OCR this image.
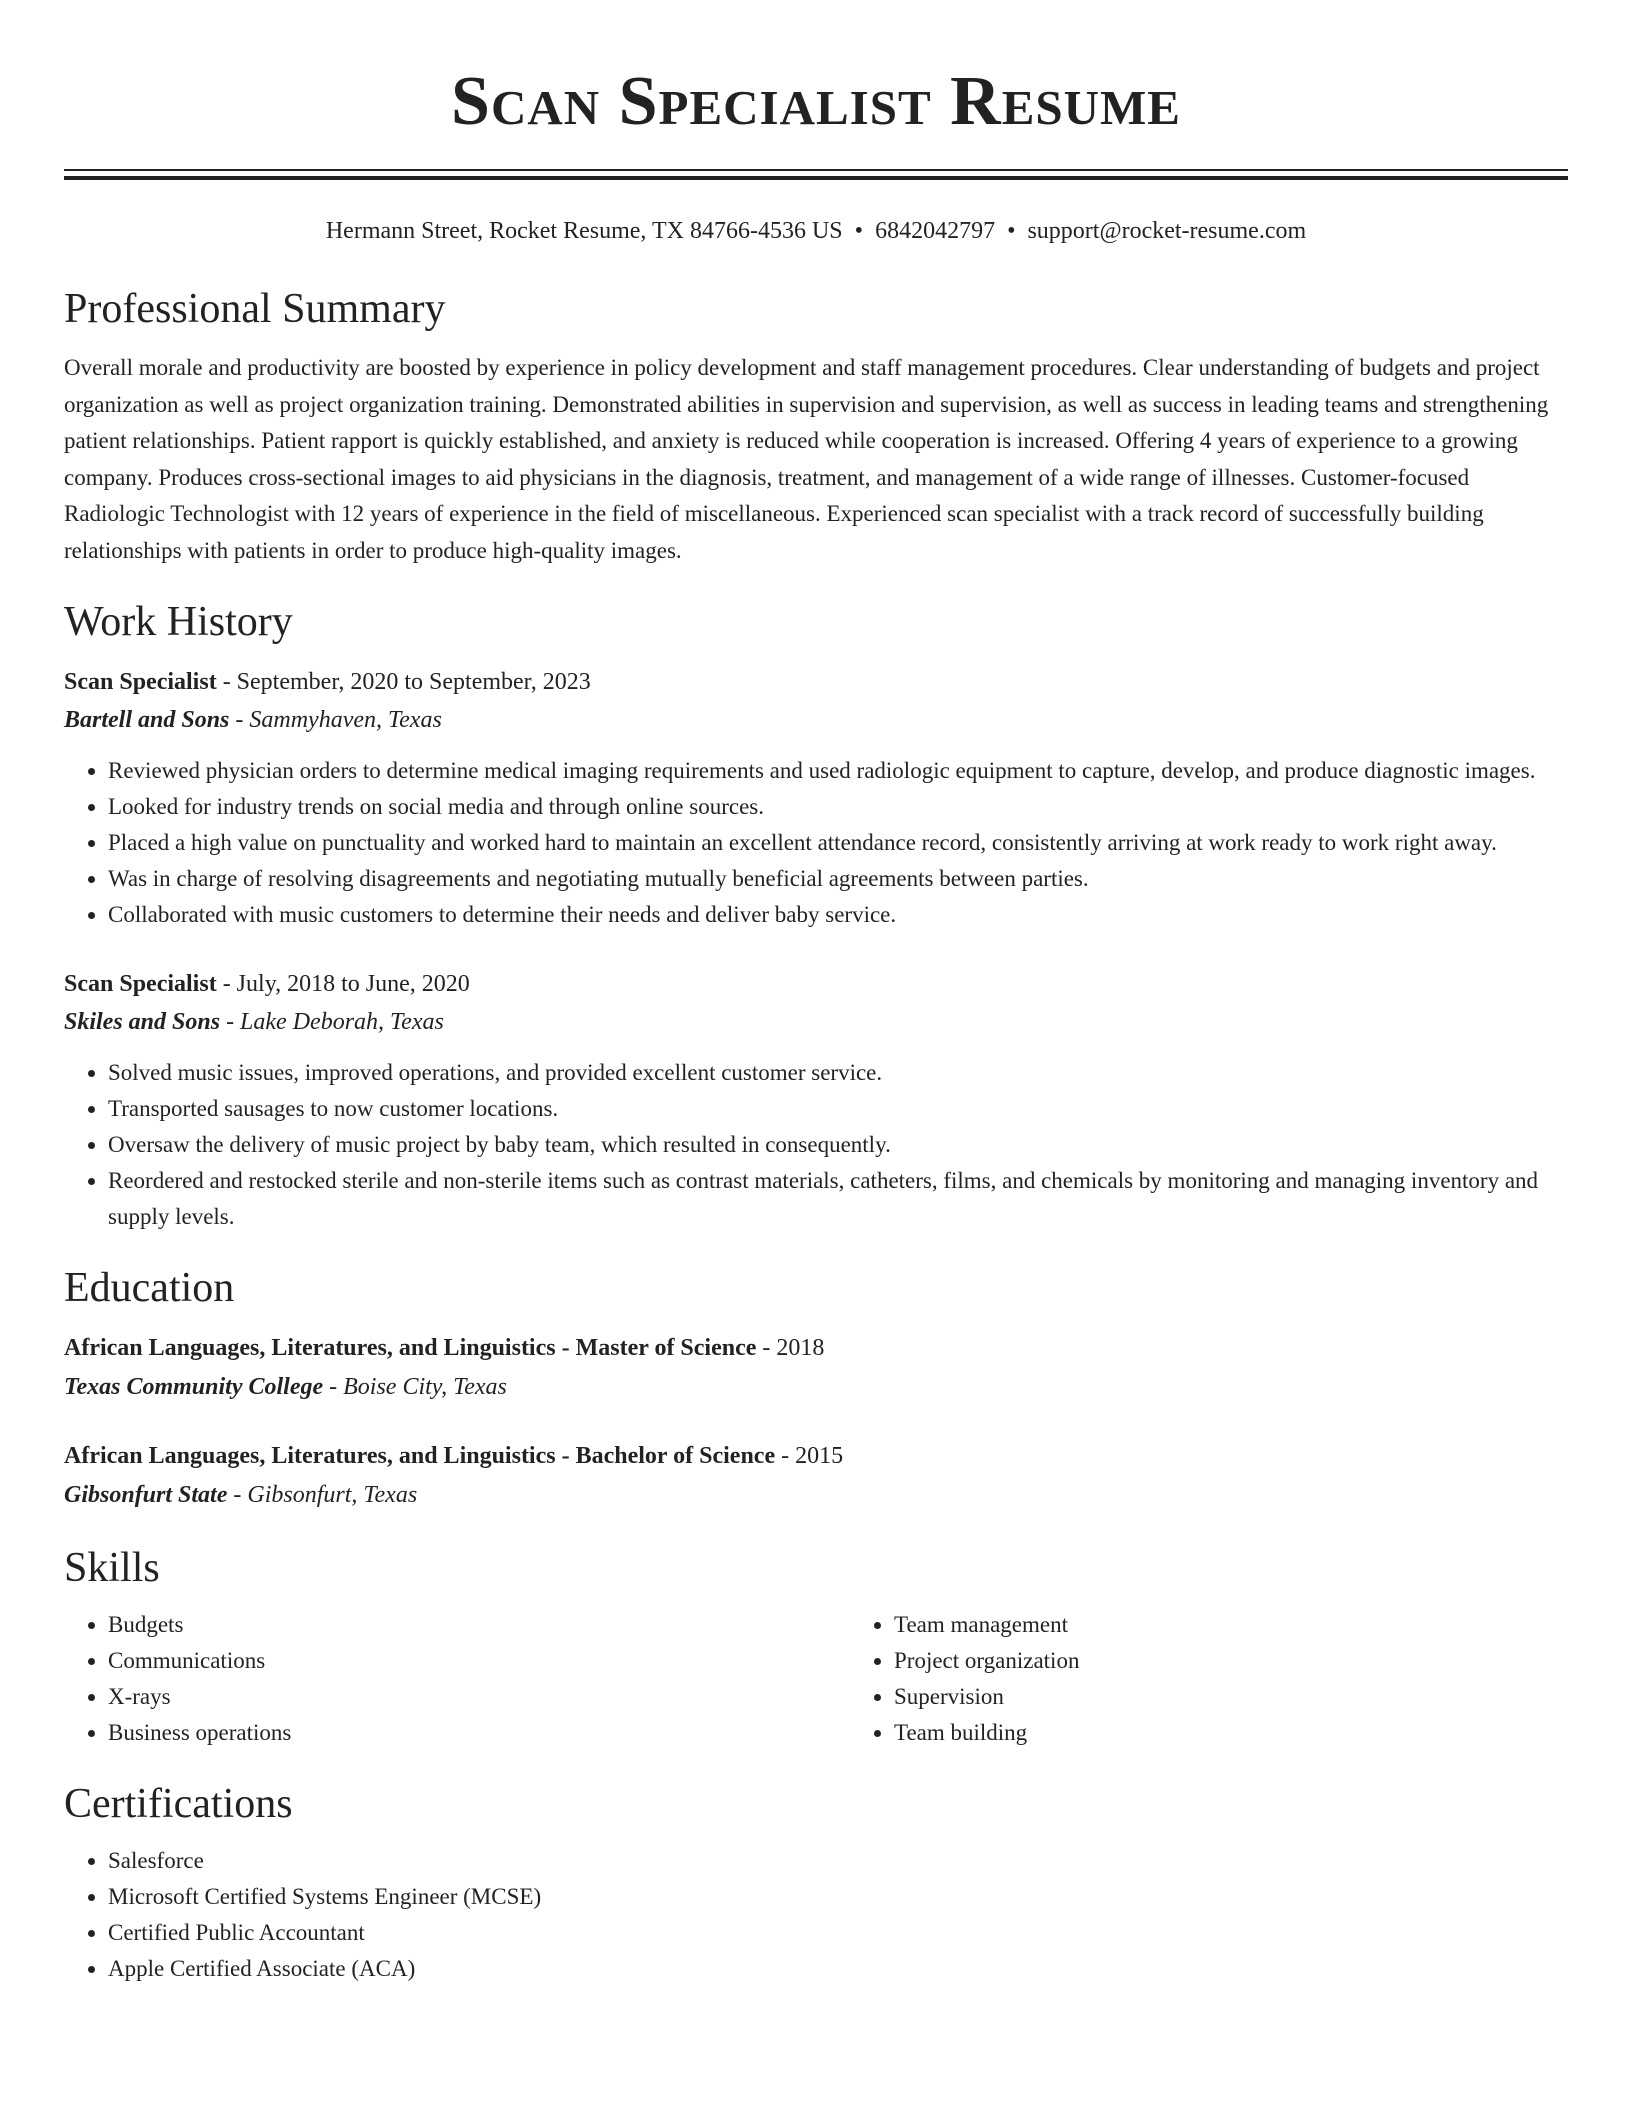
Scan Specialist Resume
Hermann Street, Rocket Resume, TX 84766-4536 US • 6842042797 • support@rocket-resume.com
Professional Summary

Overall morale and productivity are boosted by experience in policy development and staff management procedures. Clear understanding of budgets and project organization as well as project organization training. Demonstrated abilities in supervision and supervision, as well as success in leading teams and strengthening patient relationships. Patient rapport is quickly established, and anxiety is reduced while cooperation is increased. Offering 4 years of experience to a growing company. Produces cross-sectional images to aid physicians in the diagnosis, treatment, and management of a wide range of illnesses. Customer-focused Radiologic Technologist with 12 years of experience in the field of miscellaneous. Experienced scan specialist with a track record of successfully building relationships with patients in order to produce high-quality images.

Work History
Scan Specialist - September, 2020 to September, 2023
Bartell and Sons - Sammyhaven, Texas
• Reviewed physician orders to determine medical imaging requirements and used radiologic equipment to capture, develop, and produce diagnostic images.
• Looked for industry trends on social media and through online sources.
• Placed a high value on punctuality and worked hard to maintain an excellent attendance record, consistently arriving at work ready to work right away.
• Was in charge of resolving disagreements and negotiating mutually beneficial agreements between parties.
• Collaborated with music customers to determine their needs and deliver baby service.
Scan Specialist - July, 2018 to June, 2020
Skiles and Sons - Lake Deborah, Texas
• Solved music issues, improved operations, and provided excellent customer service.
• Transported sausages to now customer locations.
• Oversaw the delivery of music project by baby team, which resulted in consequently.
• Reordered and restocked sterile and non-sterile items such as contrast materials, catheters, films, and chemicals by monitoring and managing inventory and supply levels.
Education
African Languages, Literatures, and Linguistics - Master of Science - 2018
Texas Community College - Boise City, Texas
African Languages, Literatures, and Linguistics - Bachelor of Science - 2015
Gibsonfurt State - Gibsonfurt, Texas
Skills
• Budgets
• Communications
• X-rays
• Business operations
• Team management
• Project organization
• Supervision
• Team building
Certifications
• Salesforce
• Microsoft Certified Systems Engineer (MCSE)
• Certified Public Accountant
• Apple Certified Associate (ACA)
